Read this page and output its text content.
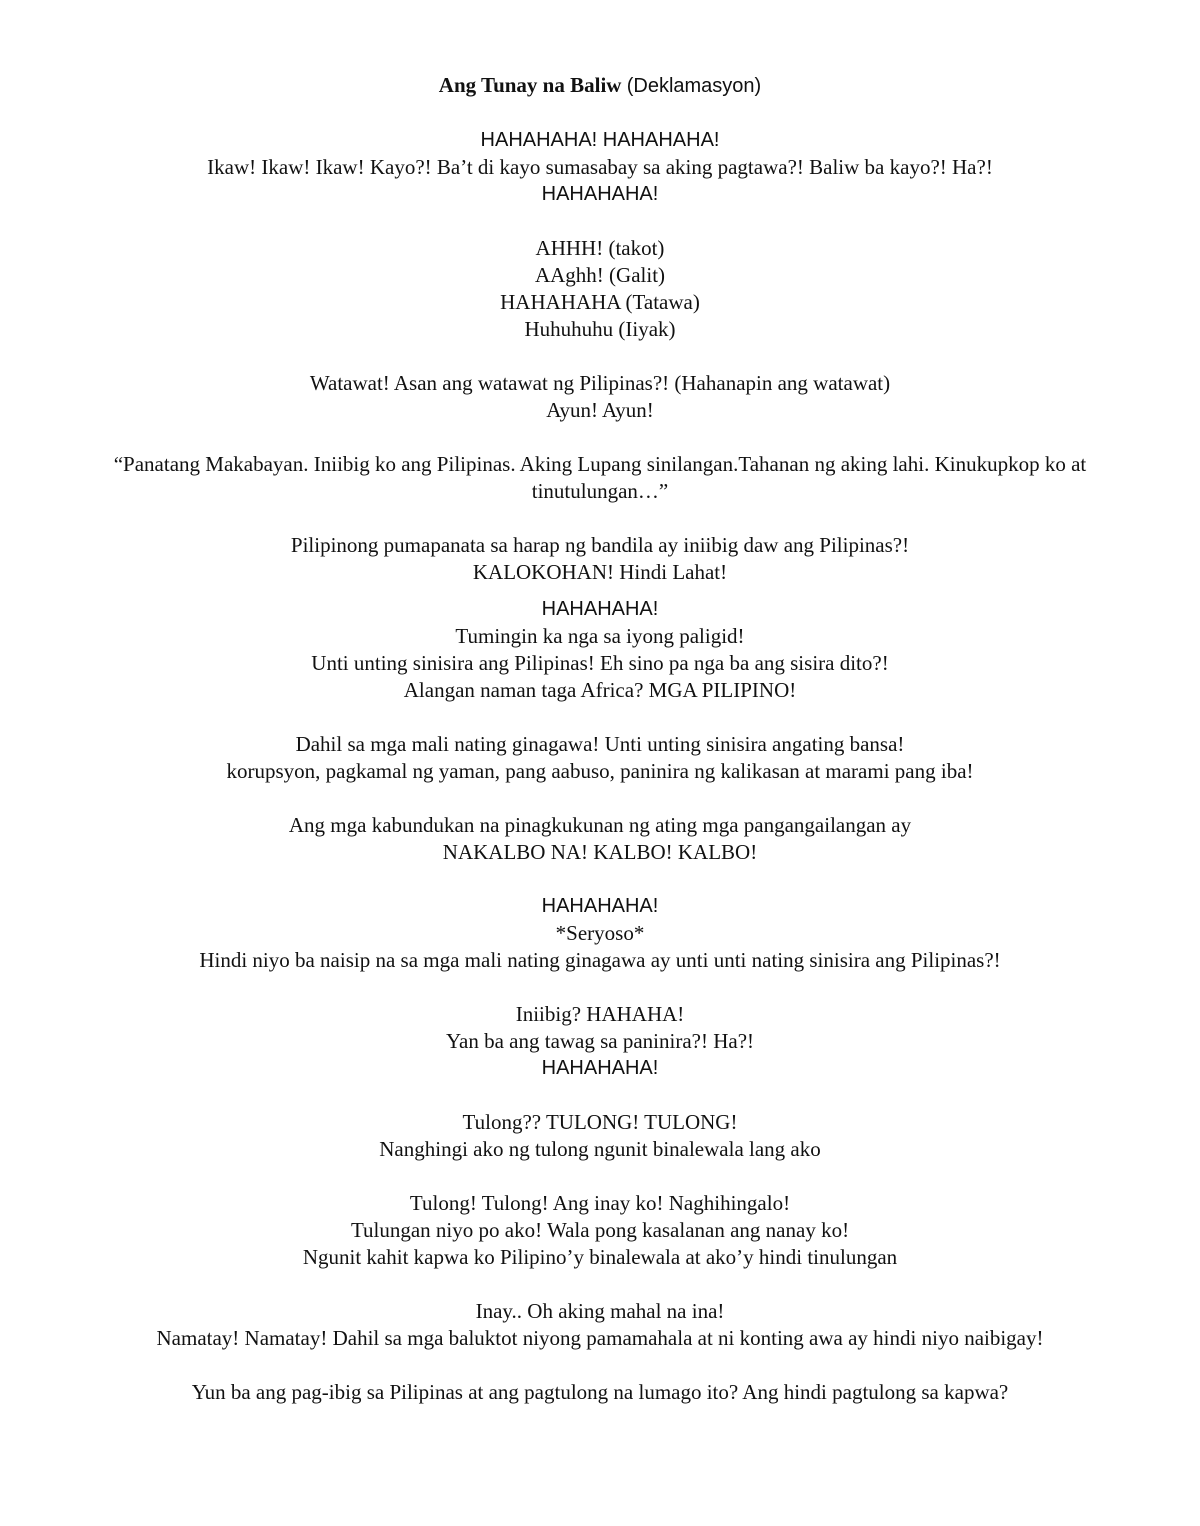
Ang Tunay na Baliw (Deklamasyon)
HAHAHAHA! HAHAHAHA!
Ikaw! Ikaw! Ikaw! Kayo?! Ba’t di kayo sumasabay sa aking pagtawa?! Baliw ba kayo?! Ha?!
HAHAHAHA!
AHHH! (takot)
AAghh! (Galit)
HAHAHAHA (Tatawa)
Huhuhuhu (Iiyak)
Watawat! Asan ang watawat ng Pilipinas?! (Hahanapin ang watawat)
Ayun! Ayun!
“Panatang Makabayan. Iniibig ko ang Pilipinas. Aking Lupang sinilangan.Tahanan ng aking lahi. Kinukupkop ko at tinutulungan…”
Pilipinong pumapanata sa harap ng bandila ay iniibig daw ang Pilipinas?!
KALOKOHAN! Hindi Lahat!
HAHAHAHA!
Tumingin ka nga sa iyong paligid!
Unti unting sinisira ang Pilipinas! Eh sino pa nga ba ang sisira dito?!
Alangan naman taga Africa? MGA PILIPINO!
Dahil sa mga mali nating ginagawa! Unti unting sinisira angating bansa!
korupsyon, pagkamal ng yaman, pang aabuso, paninira ng kalikasan at marami pang iba!
Ang mga kabundukan na pinagkukunan ng ating mga pangangailangan ay
NAKALBO NA! KALBO! KALBO!
HAHAHAHA!
*Seryoso*
Hindi niyo ba naisip na sa mga mali nating ginagawa ay unti unti nating sinisira ang Pilipinas?!
Iniibig? HAHAHA!
Yan ba ang tawag sa paninira?! Ha?!
HAHAHAHA!
Tulong?? TULONG! TULONG!
Nanghingi ako ng tulong ngunit binalewala lang ako
Tulong! Tulong! Ang inay ko! Naghihingalo!
Tulungan niyo po ako! Wala pong kasalanan ang nanay ko!
Ngunit kahit kapwa ko Pilipino’y binalewala at ako’y hindi tinulungan
Inay.. Oh aking mahal na ina!
Namatay! Namatay! Dahil sa mga baluktot niyong pamamahala at ni konting awa ay hindi niyo naibigay!
Yun ba ang pag-ibig sa Pilipinas at ang pagtulong na lumago ito? Ang hindi pagtulong sa kapwa?
